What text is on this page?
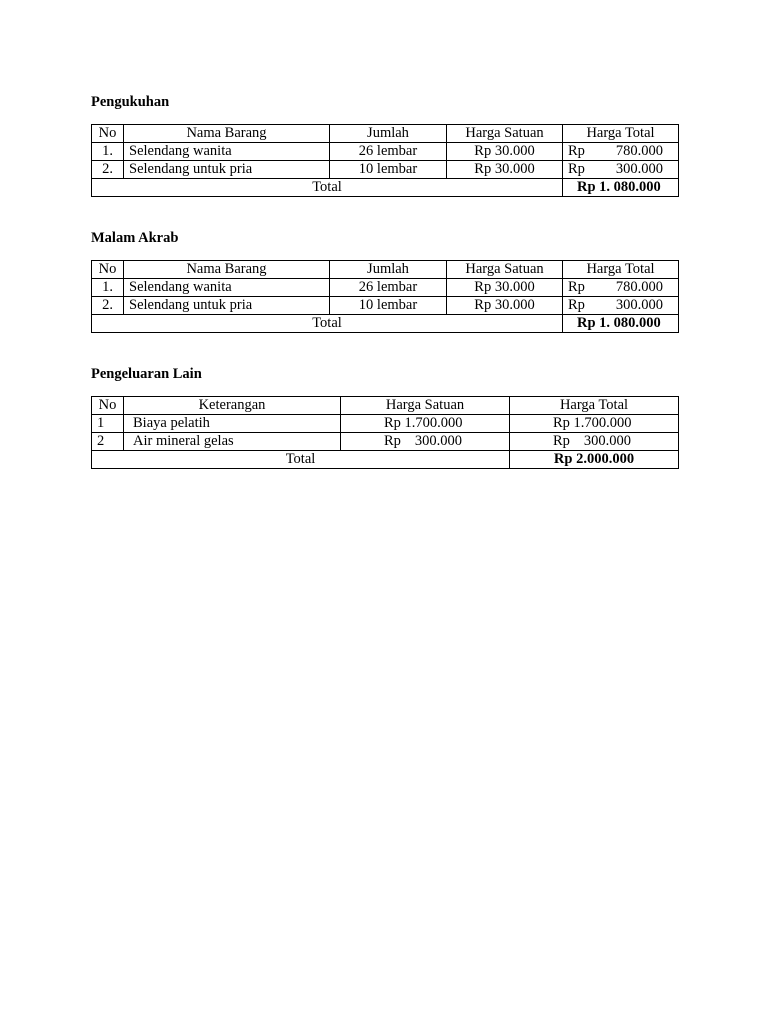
Pengukuhan
No	Nama Barang	Jumlah	Harga Satuan	Harga Total
1.	Selendang wanita	26 lembar	Rp 30.000	Rp 780.000

2.	Selendang untuk pria	10 lembar	Rp 30.000	Rp 300.000

Total				Rp 1. 080.000
Malam Akrab
No	Nama Barang	Jumlah	Harga Satuan	Harga Total
1.	Selendang wanita	26 lembar	Rp 30.000	Rp 780.000

2.	Selendang untuk pria	10 lembar	Rp 30.000	Rp 300.000

Total				Rp 1. 080.000
Pengeluaran Lain
No	Keterangan	Harga Satuan	Harga Total
1	Biaya pelatih	Rp 1.700.000	Rp 1.700.000
2	Air mineral gelas	Rp 300.000	Rp 300.000
Total			Rp 2.000.000
